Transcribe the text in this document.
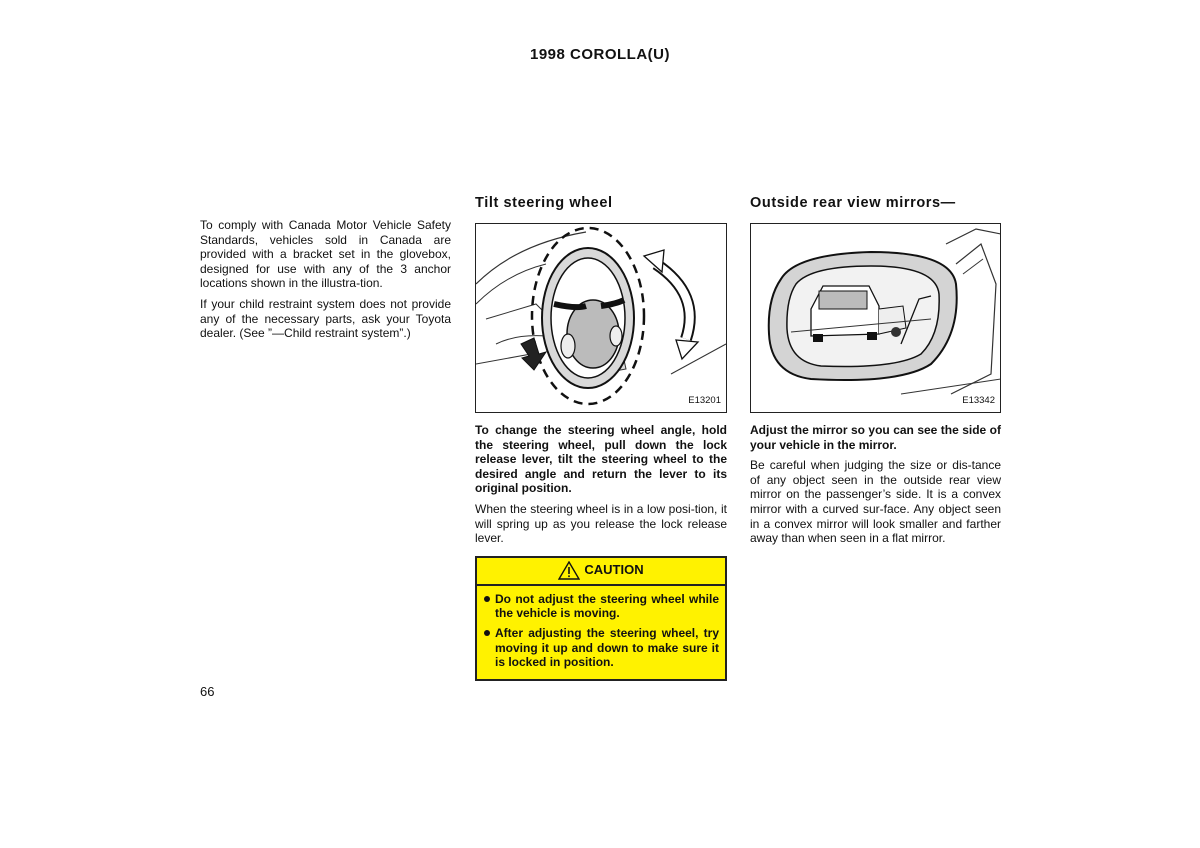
1998 COROLLA(U)

To comply with Canada Motor Vehicle Safety Standards, vehicles sold in Canada are provided with a bracket set in the glovebox, designed for use with any of the 3 anchor locations shown in the illustra-tion.

If your child restraint system does not provide any of the necessary parts, ask your Toyota dealer. (See ”—Child restraint system”.)

Tilt steering wheel
E13201

To change the steering wheel angle, hold the steering wheel, pull down the lock release lever, tilt the steering wheel to the desired angle and return the lever to its original position.

When the steering wheel is in a low posi-tion, it will spring up as you release the lock release lever.

CAUTION
Do not adjust the steering wheel while the vehicle is moving.
After adjusting the steering wheel, try moving it up and down to make sure it is locked in position.
Outside rear view mirrors—
E13342

Adjust the mirror so you can see the side of your vehicle in the mirror.

Be careful when judging the size or dis-tance of any object seen in the outside rear view mirror on the passenger’s side. It is a convex mirror with a curved sur-face. Any object seen in a convex mirror will look smaller and farther away than when seen in a flat mirror.

66
